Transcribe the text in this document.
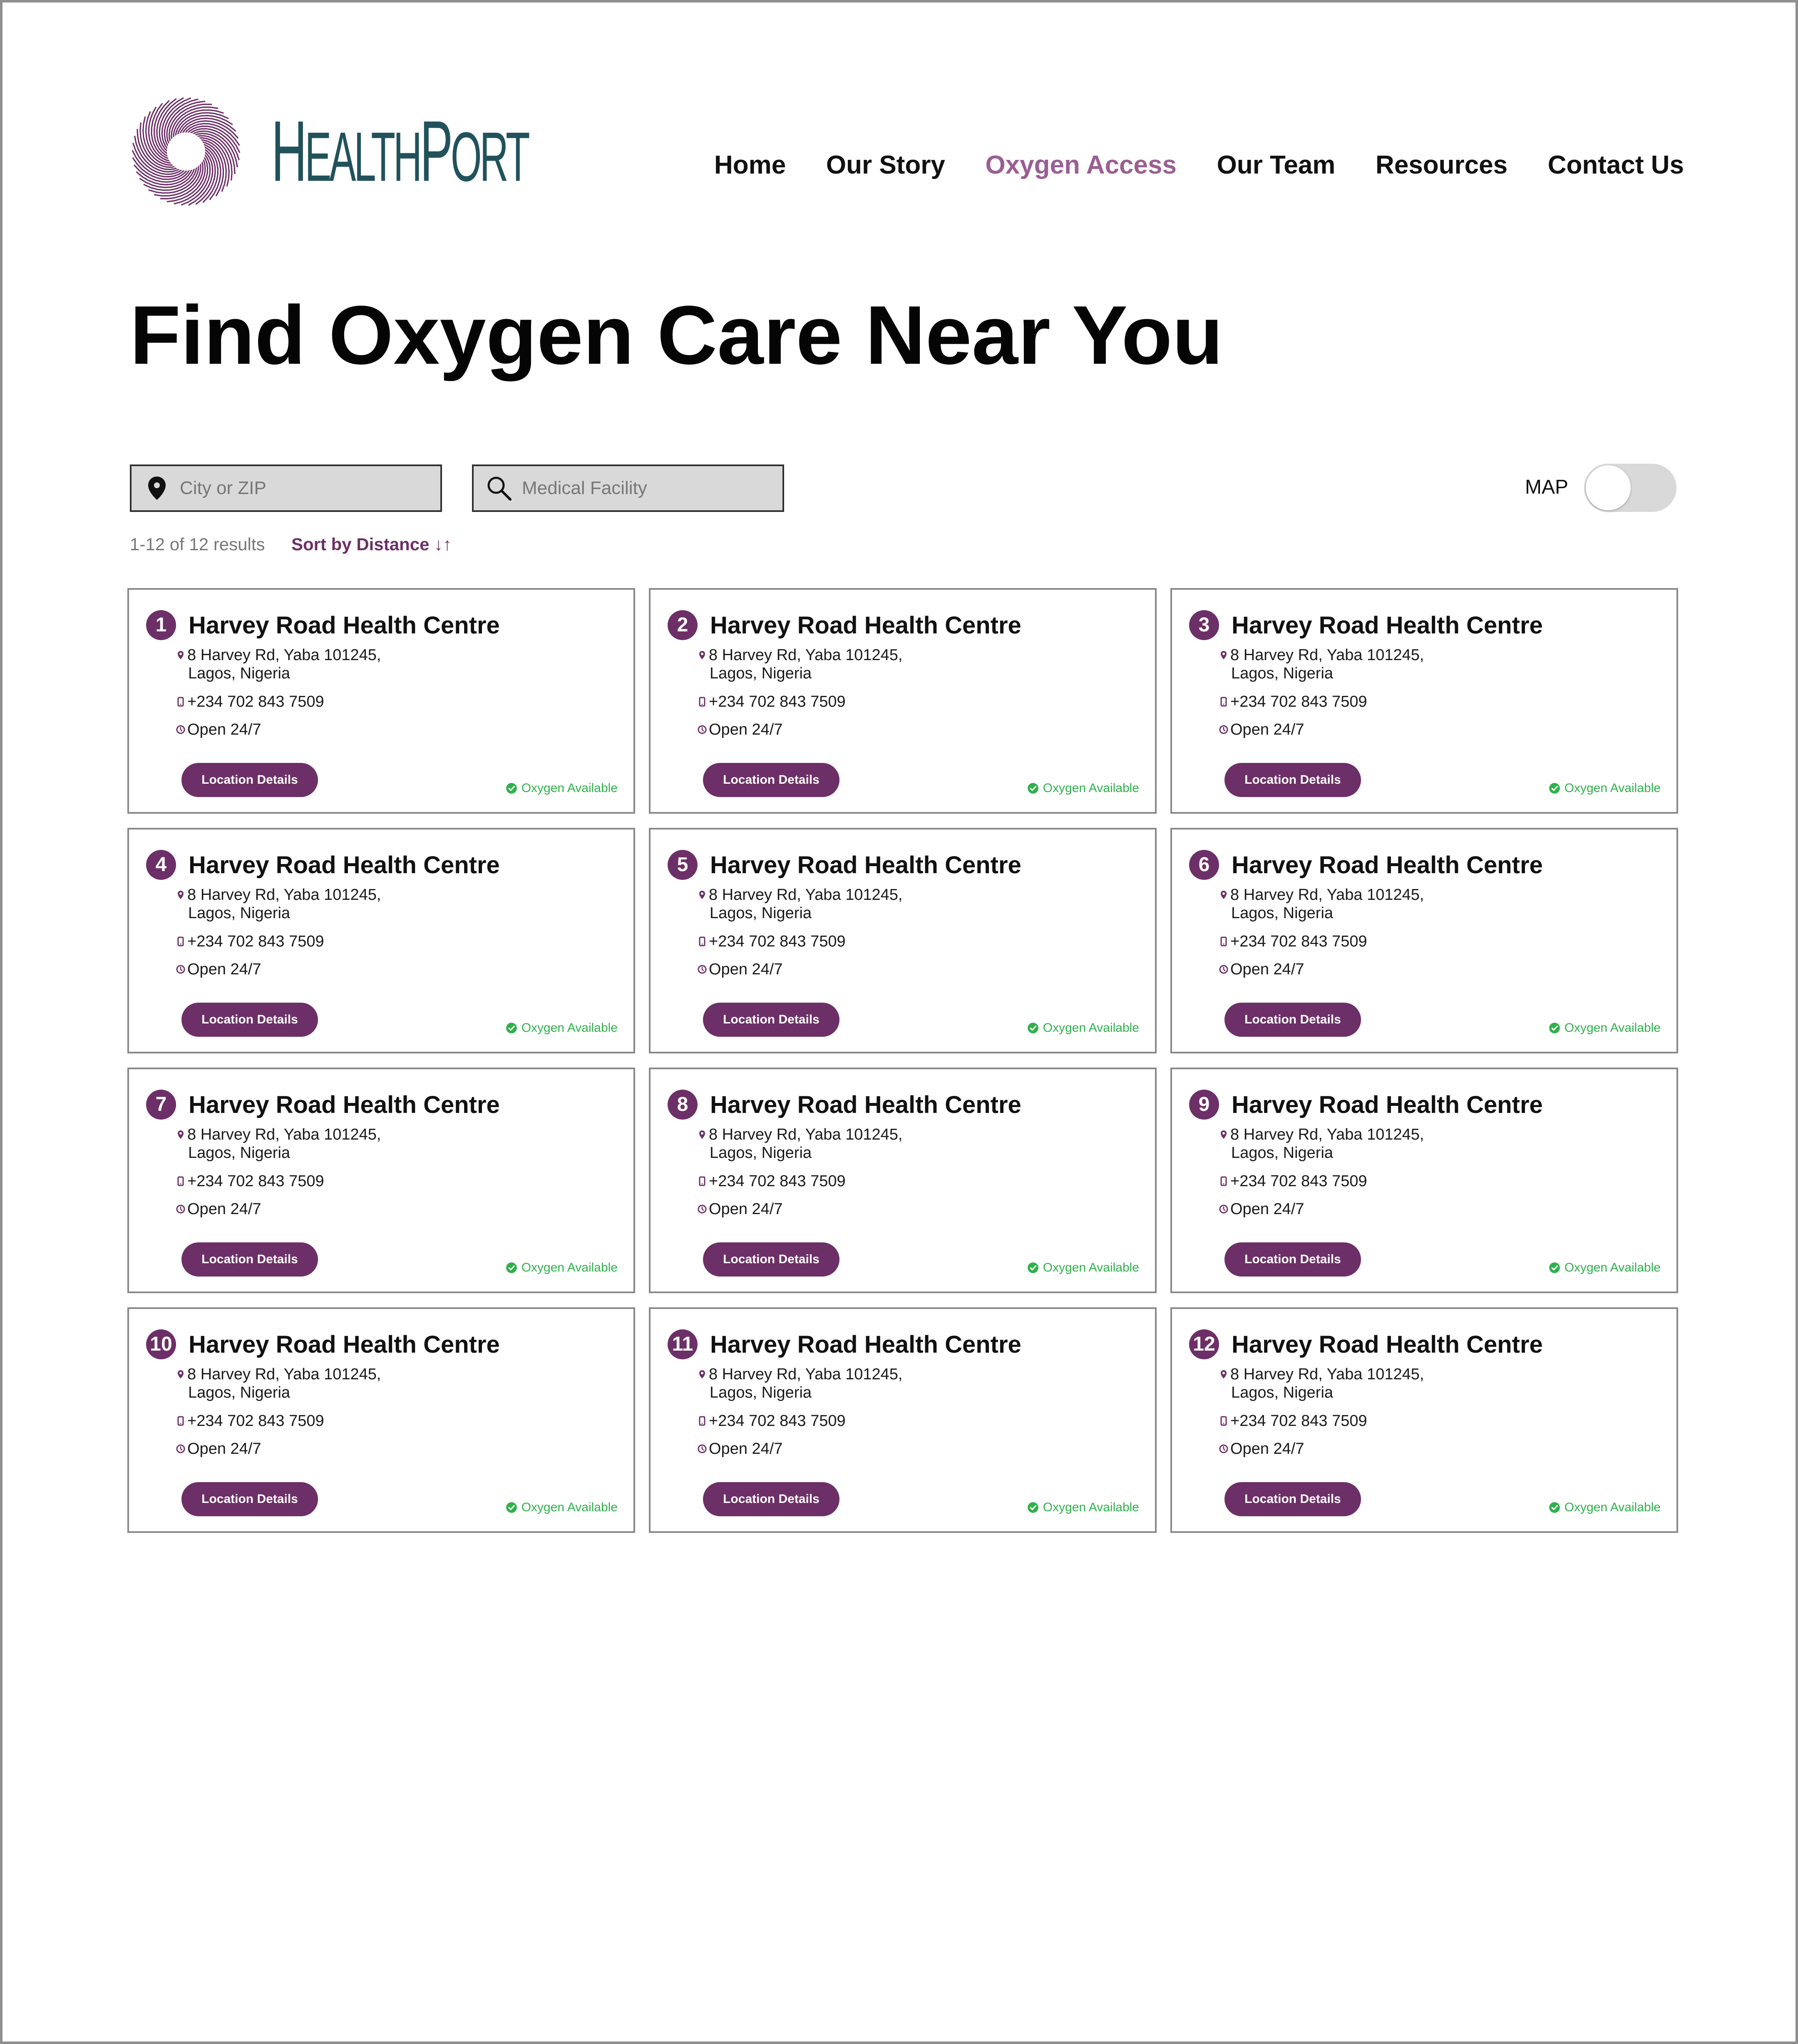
HEALTHPORT	Home Our Story Oxygen Access Our Team Resources Contact Us
Find Oxygen Care Near You
City or ZIP
Medical Facility
MAP
1-12 of 12 results Sort by Distance ↓↑
1 Harvey Road Health Centre
8 Harvey Rd, Yaba 101245,
Lagos, Nigeria
+234 702 843 7509
Open 24/7
Location Details
Oxygen Available
2 Harvey Road Health Centre
8 Harvey Rd, Yaba 101245,
Lagos, Nigeria
+234 702 843 7509
Open 24/7
Location Details
Oxygen Available
3 Harvey Road Health Centre
8 Harvey Rd, Yaba 101245,
Lagos, Nigeria
+234 702 843 7509
Open 24/7
Location Details
Oxygen Available
4 Harvey Road Health Centre
8 Harvey Rd, Yaba 101245,
Lagos, Nigeria
+234 702 843 7509
Open 24/7
Location Details
Oxygen Available
5 Harvey Road Health Centre
8 Harvey Rd, Yaba 101245,
Lagos, Nigeria
+234 702 843 7509
Open 24/7
Location Details
Oxygen Available
6 Harvey Road Health Centre
8 Harvey Rd, Yaba 101245,
Lagos, Nigeria
+234 702 843 7509
Open 24/7
Location Details
Oxygen Available
7 Harvey Road Health Centre
8 Harvey Rd, Yaba 101245,
Lagos, Nigeria
+234 702 843 7509
Open 24/7
Location Details
Oxygen Available
8 Harvey Road Health Centre
8 Harvey Rd, Yaba 101245,
Lagos, Nigeria
+234 702 843 7509
Open 24/7
Location Details
Oxygen Available
9 Harvey Road Health Centre
8 Harvey Rd, Yaba 101245,
Lagos, Nigeria
+234 702 843 7509
Open 24/7
Location Details
Oxygen Available
10 Harvey Road Health Centre
8 Harvey Rd, Yaba 101245,
Lagos, Nigeria
+234 702 843 7509
Open 24/7
Location Details
Oxygen Available
11 Harvey Road Health Centre
8 Harvey Rd, Yaba 101245,
Lagos, Nigeria
+234 702 843 7509
Open 24/7
Location Details
Oxygen Available
12 Harvey Road Health Centre
8 Harvey Rd, Yaba 101245,
Lagos, Nigeria
+234 702 843 7509
Open 24/7
Location Details
Oxygen Available
